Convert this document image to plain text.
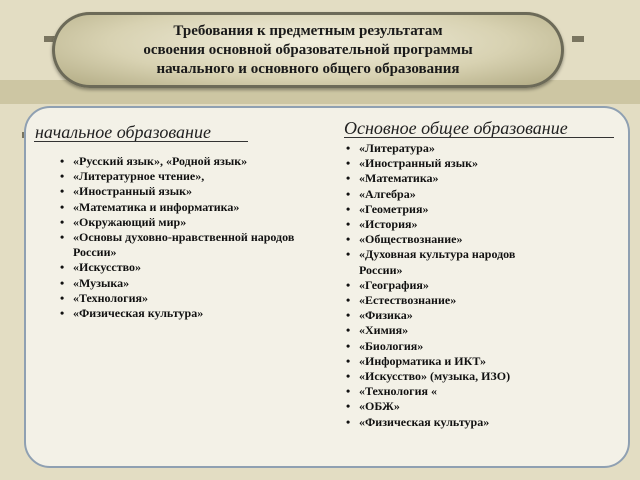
Требования к предметным результатам
освоения основной образовательной программы
начального и основного общего образования
начальное образование	Основное общее образование
• «Русский язык», «Родной язык»
• «Литературное чтение»,
• «Иностранный язык»
• «Математика и информатика»
• «Окружающий мир»
• «Основы духовно-нравственной народов
России»
• «Искусство»
• «Музыка»
• «Технология»
• «Физическая культура»
• «Литература»
• «Иностранный язык»
• «Математика»
• «Алгебра»
• «Геометрия»
• «История»
• «Обществознание»
• «Духовная культура народов
России»
• «География»
• «Естествознание»
• «Физика»
• «Химия»
• «Биология»
• «Информатика и ИКТ»
• «Искусство» (музыка, ИЗО)
• «Технология «
• «ОБЖ»
• «Физическая культура»
